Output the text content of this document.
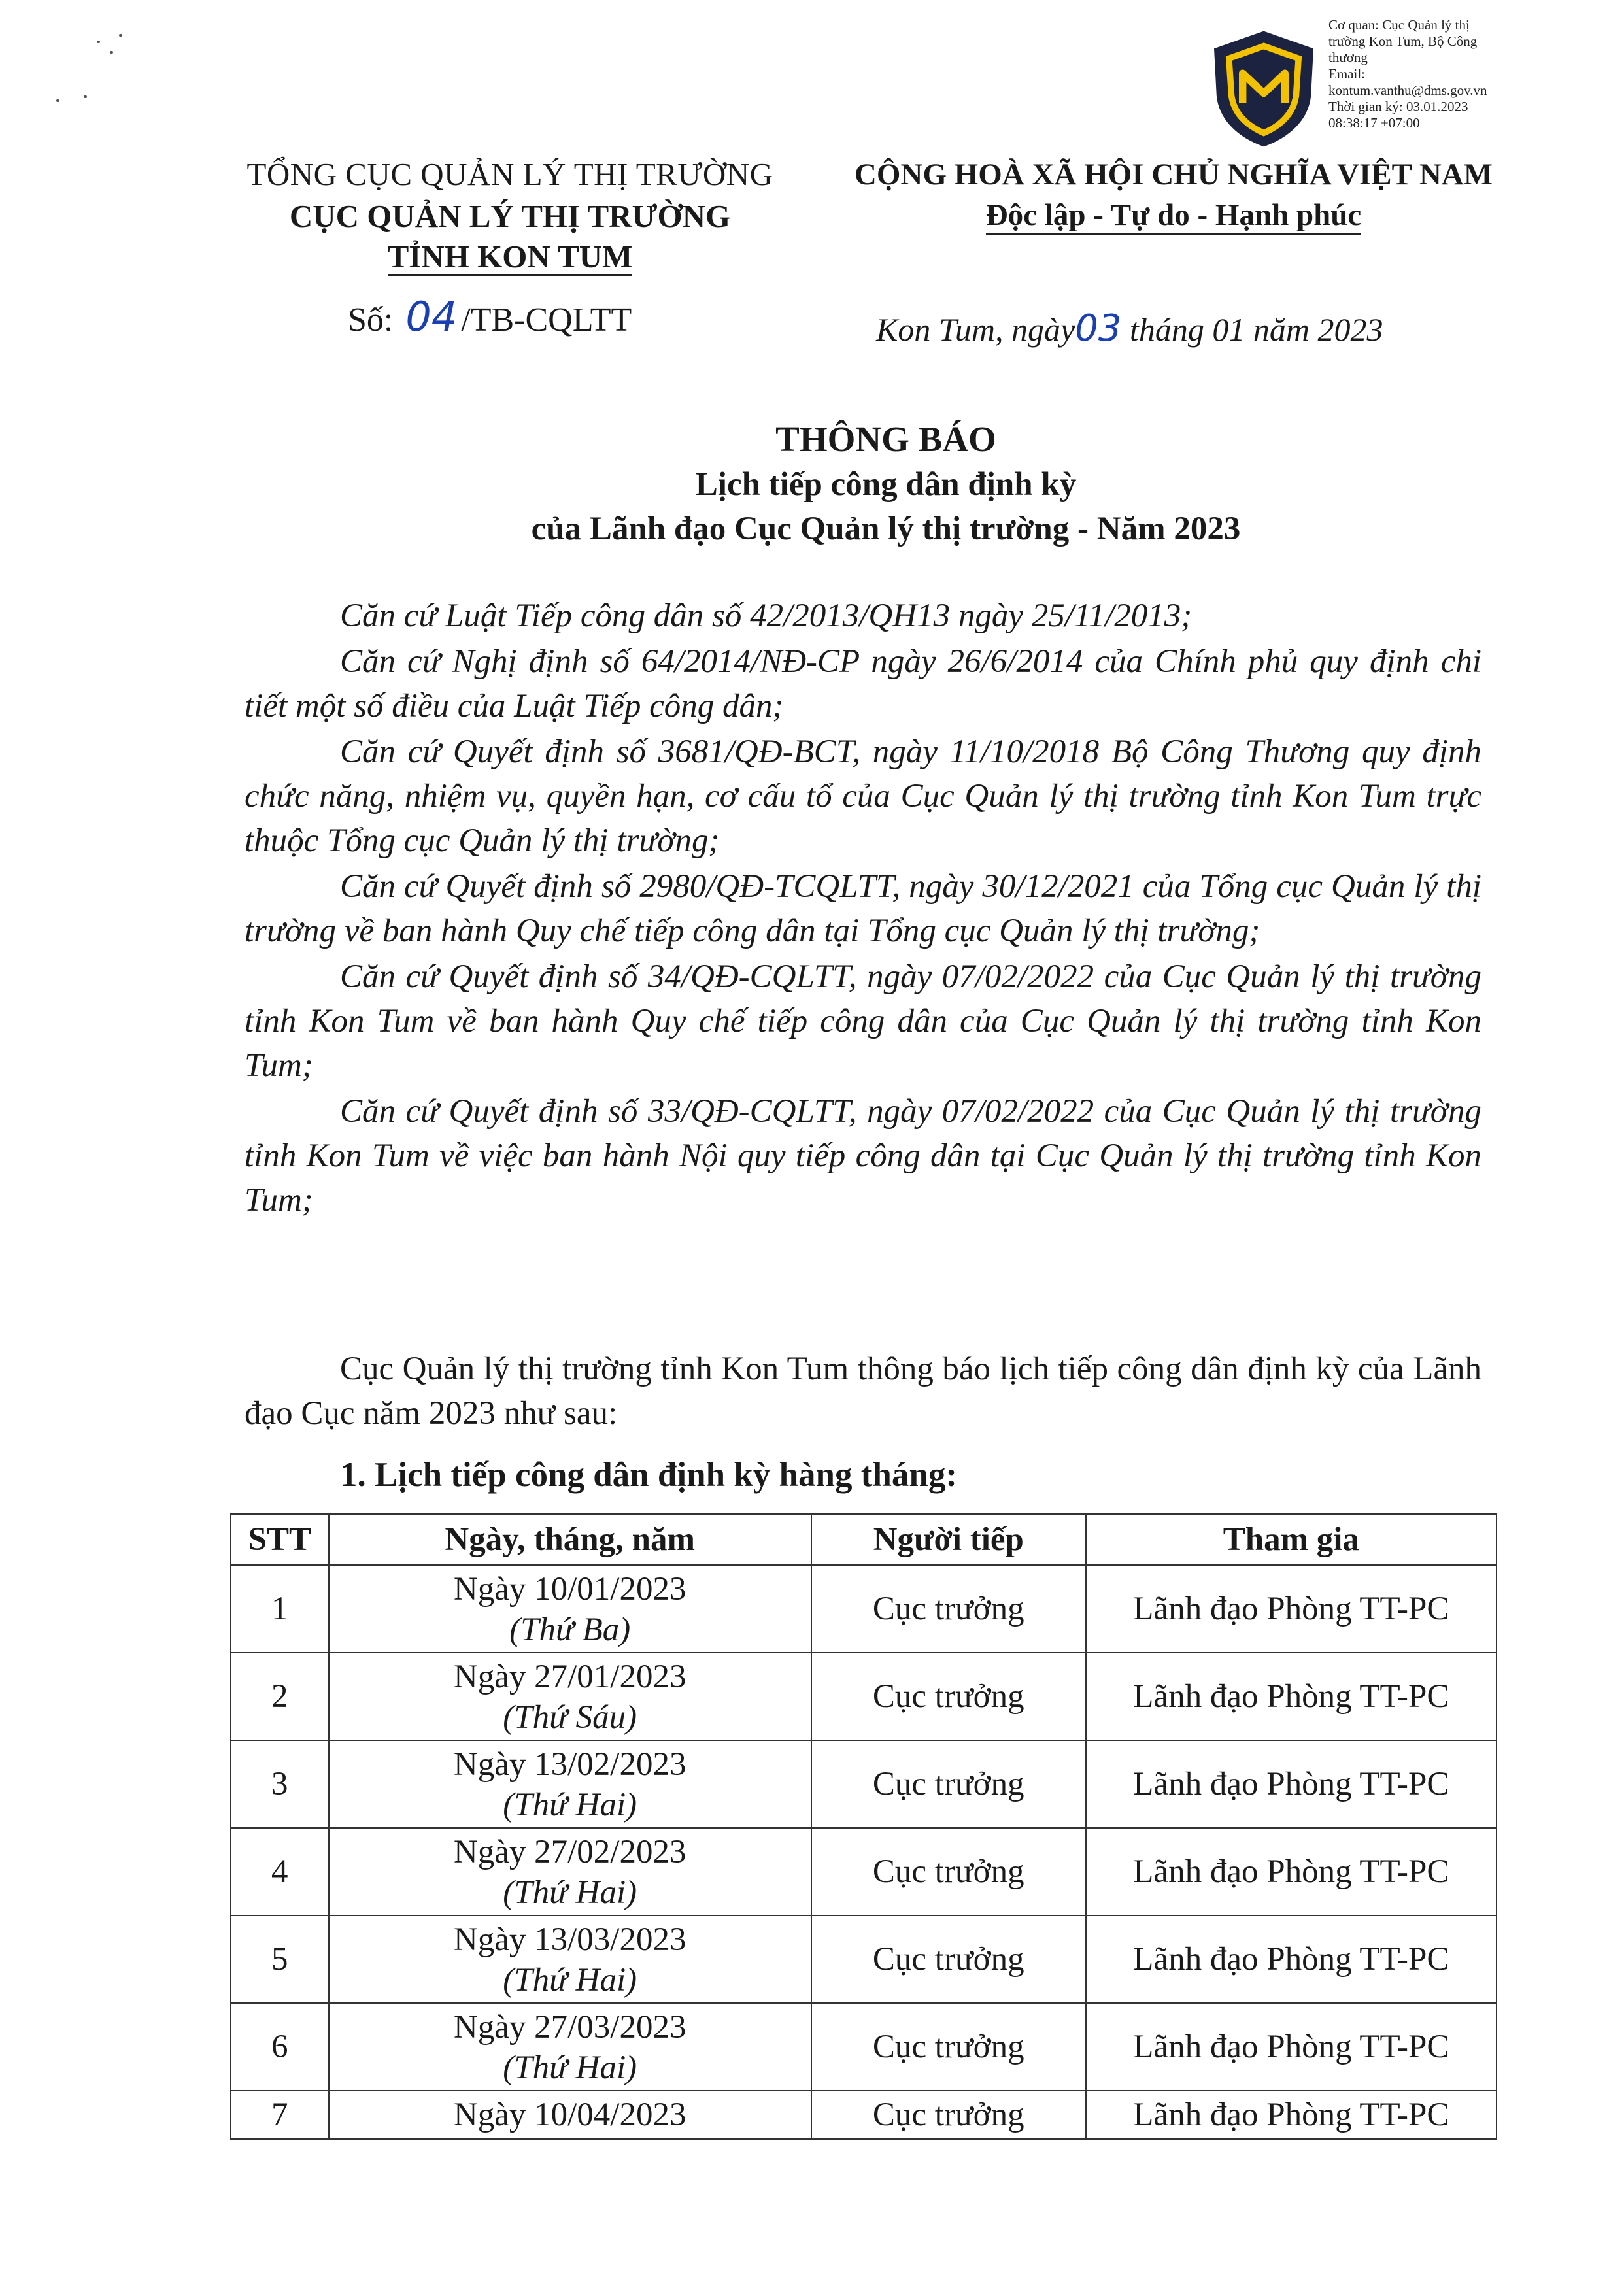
Cơ quan: Cục Quản lý thị
trường Kon Tum, Bộ Công
thương
Email:
kontum.vanthu@dms.gov.vn
Thời gian ký: 03.01.2023
08:38:17 +07:00
TỔNG CỤC QUẢN LÝ THỊ TRƯỜNG
CỤC QUẢN LÝ THỊ TRƯỜNG
TỈNH KON TUM
CỘNG HOÀ XÃ HỘI CHỦ NGHĨA VIỆT NAM
Độc lập - Tự do - Hạnh phúc
Số: 04 /TB-CQLTT	Kon Tum, ngày03 tháng 01 năm 2023
THÔNG BÁO
Lịch tiếp công dân định kỳ
của Lãnh đạo Cục Quản lý thị trường - Năm 2023

Căn cứ Luật Tiếp công dân số 42/2013/QH13 ngày 25/11/2013;

Căn cứ Nghị định số 64/2014/NĐ-CP ngày 26/6/2014 của Chính phủ quy định chi tiết một số điều của Luật Tiếp công dân;

Căn cứ Quyết định số 3681/QĐ-BCT, ngày 11/10/2018 Bộ Công Thương quy định chức năng, nhiệm vụ, quyền hạn, cơ cấu tổ của Cục Quản lý thị trường tỉnh Kon Tum trực thuộc Tổng cục Quản lý thị trường;

Căn cứ Quyết định số 2980/QĐ-TCQLTT, ngày 30/12/2021 của Tổng cục Quản lý thị trường về ban hành Quy chế tiếp công dân tại Tổng cục Quản lý thị trường;

Căn cứ Quyết định số 34/QĐ-CQLTT, ngày 07/02/2022 của Cục Quản lý thị trường tỉnh Kon Tum về ban hành Quy chế tiếp công dân của Cục Quản lý thị trường tỉnh Kon Tum;

Căn cứ Quyết định số 33/QĐ-CQLTT, ngày 07/02/2022 của Cục Quản lý thị trường tỉnh Kon Tum về việc ban hành Nội quy tiếp công dân tại Cục Quản lý thị trường tỉnh Kon Tum;

Cục Quản lý thị trường tỉnh Kon Tum thông báo lịch tiếp công dân định kỳ của Lãnh đạo Cục năm 2023 như sau:
1. Lịch tiếp công dân định kỳ hàng tháng:
STT	Ngày, tháng, năm	Người tiếp	Tham gia
1	Ngày 10/01/2023
(Thứ Ba)	Cục trưởng	Lãnh đạo Phòng TT-PC
2	Ngày 27/01/2023
(Thứ Sáu)	Cục trưởng	Lãnh đạo Phòng TT-PC
3	Ngày 13/02/2023
(Thứ Hai)	Cục trưởng	Lãnh đạo Phòng TT-PC
4	Ngày 27/02/2023
(Thứ Hai)	Cục trưởng	Lãnh đạo Phòng TT-PC
5	Ngày 13/03/2023
(Thứ Hai)	Cục trưởng	Lãnh đạo Phòng TT-PC
6	Ngày 27/03/2023
(Thứ Hai)	Cục trưởng	Lãnh đạo Phòng TT-PC
7	Ngày 10/04/2023	Cục trưởng	Lãnh đạo Phòng TT-PC
